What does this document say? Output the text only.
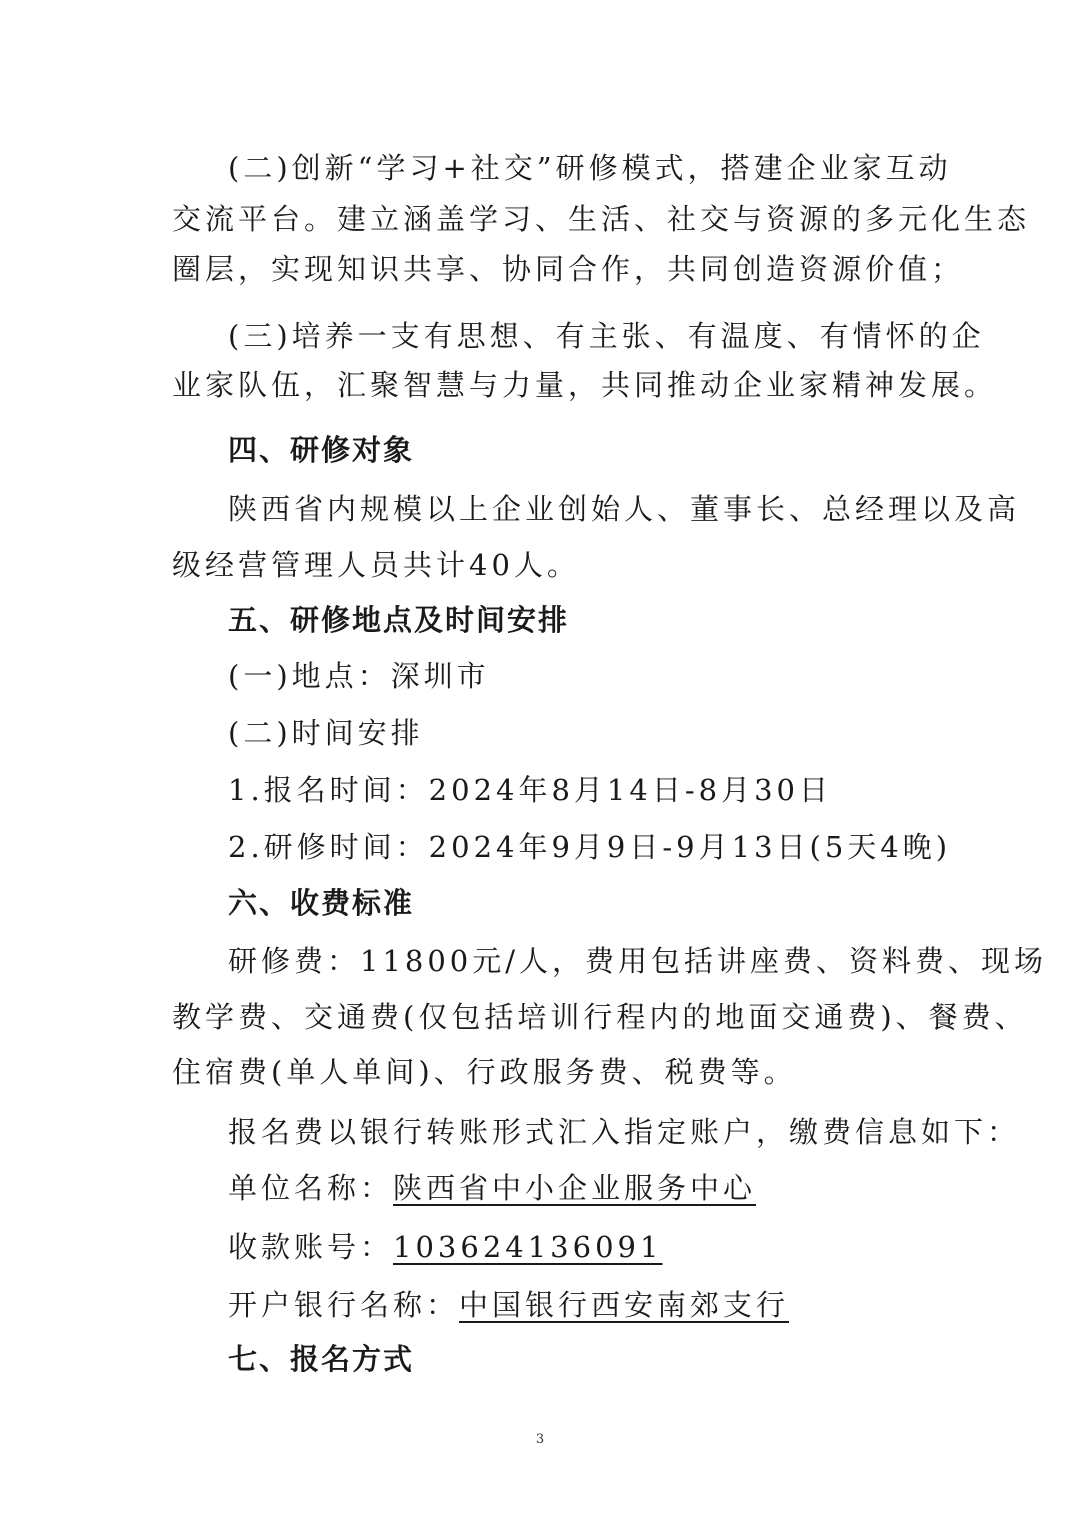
(二)创新“学习+社交”研修模式，搭建企业家互动
交流平台。建立涵盖学习、生活、社交与资源的多元化生态
圈层，实现知识共享、协同合作，共同创造资源价值；
(三)培养一支有思想、有主张、有温度、有情怀的企
业家队伍，汇聚智慧与力量，共同推动企业家精神发展。
四、研修对象
陕西省内规模以上企业创始人、董事长、总经理以及高
级经营管理人员共计40人。
五、研修地点及时间安排
(一)地点：深圳市
(二)时间安排
1.报名时间：2024年8月14日-8月30日
2.研修时间：2024年9月9日-9月13日(5天4晚)
六、收费标准
研修费：11800元/人，费用包括讲座费、资料费、现场
教学费、交通费(仅包括培训行程内的地面交通费)、餐费、
住宿费(单人单间)、行政服务费、税费等。
报名费以银行转账形式汇入指定账户，缴费信息如下：
单位名称：陕西省中小企业服务中心
收款账号：103624136091
开户银行名称：中国银行西安南郊支行
七、报名方式
3
